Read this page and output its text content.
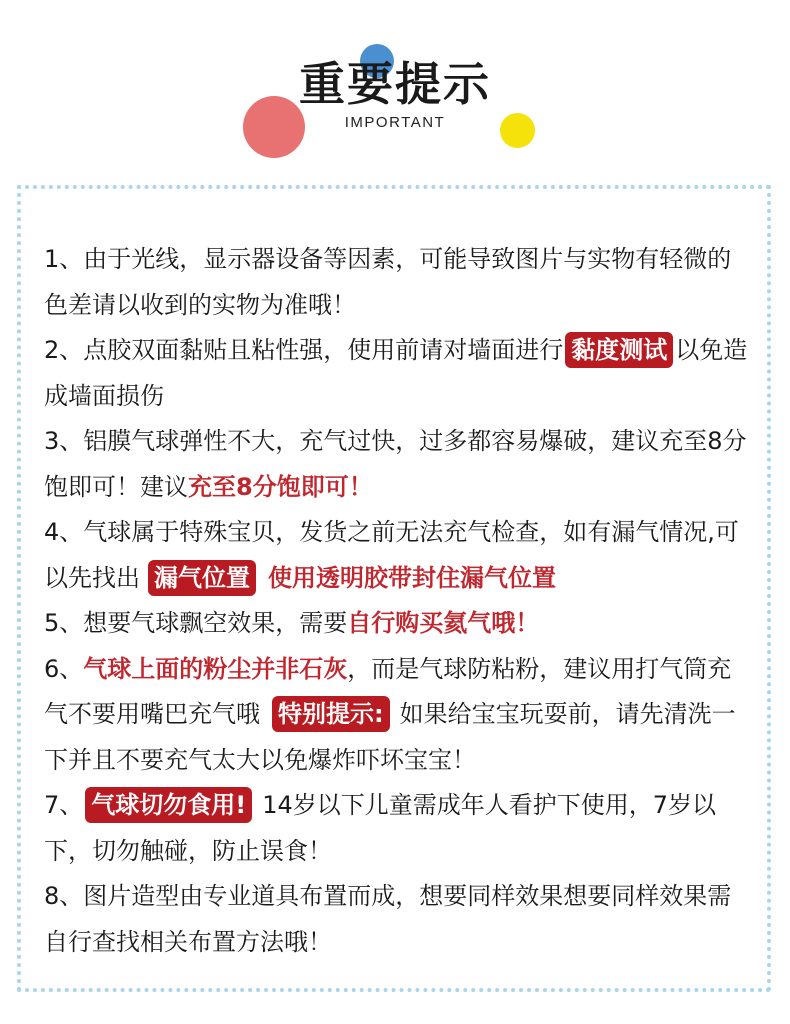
重要提示
IMPORTANT
1、由于光线，显示器设备等因素，可能导致图片与实物有轻微的色差请以收到的实物为准哦！
2、点胶双面黏贴且粘性强，使用前请对墙面进行 黏度测试 以免造成墙面损伤
3、铝膜气球弹性不大，充气过快，过多都容易爆破，建议充至8分饱即可！建议充至8分饱即可！
4、气球属于特殊宝贝，发货之前无法充气检查，如有漏气情况,可以先找出 漏气位置 使用透明胶带封住漏气位置
5、想要气球飘空效果，需要自行购买氦气哦！
6、气球上面的粉尘并非石灰，而是气球防粘粉，建议用打气筒充气不要用嘴巴充气哦 特别提示: 如果给宝宝玩耍前，请先清洗一下并且不要充气太大以免爆炸吓坏宝宝！
7、 气球切勿食用! 14岁以下儿童需成年人看护下使用，7岁以下，切勿触碰，防止误食！
8、图片造型由专业道具布置而成，想要同样效果想要同样效果需自行查找相关布置方法哦！
